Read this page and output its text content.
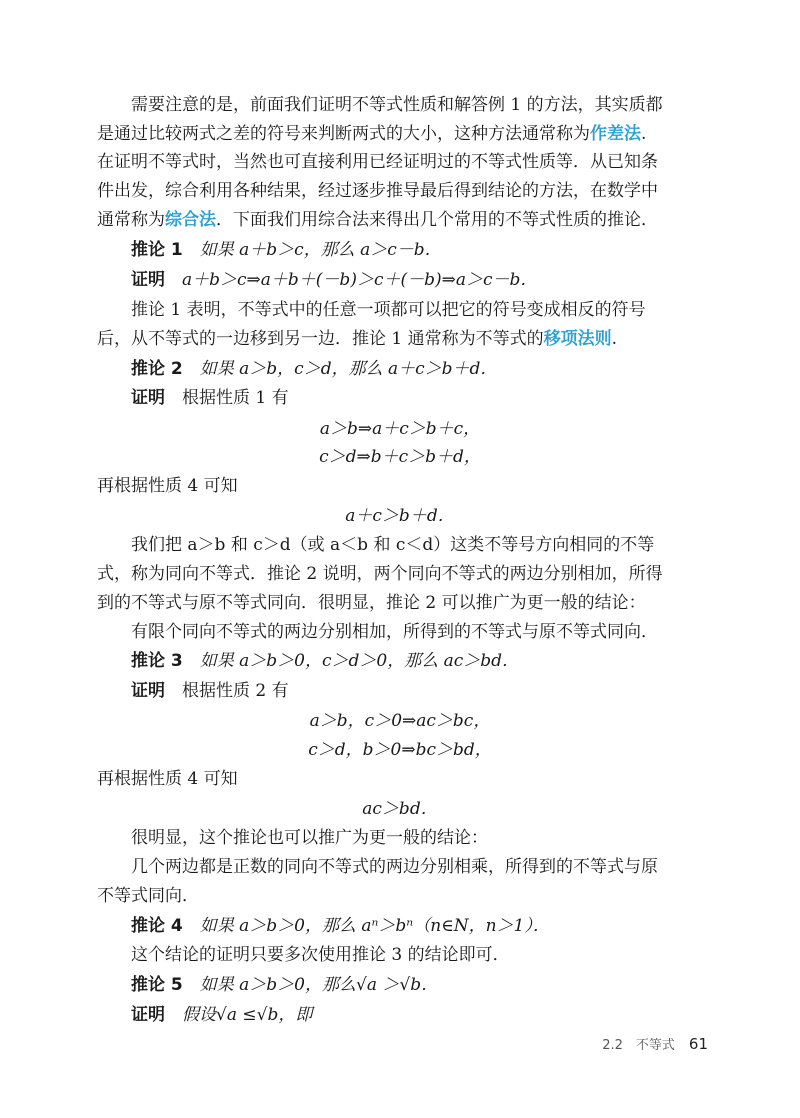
需要注意的是，前面我们证明不等式性质和解答例 1 的方法，其实质都
是通过比较两式之差的符号来判断两式的大小，这种方法通常称为作差法.
在证明不等式时，当然也可直接利用已经证明过的不等式性质等．从已知条
件出发，综合利用各种结果，经过逐步推导最后得到结论的方法，在数学中
通常称为综合法．下面我们用综合法来得出几个常用的不等式性质的推论．
推论 1　 如果 a＋b＞c，那么 a＞c－b．
证明　 a＋b＞c⇒a＋b＋(－b)＞c＋(－b)⇒a＞c－b．
推论 1 表明，不等式中的任意一项都可以把它的符号变成相反的符号
后，从不等式的一边移到另一边．推论 1 通常称为不等式的移项法则.
推论 2　 如果 a＞b，c＞d，那么 a＋c＞b＋d．
证明　 根据性质 1 有
a＞b⇒a＋c＞b＋c，
c＞d⇒b＋c＞b＋d，
再根据性质 4 可知
a＋c＞b＋d．
我们把 a＞b 和 c＞d（或 a＜b 和 c＜d）这类不等号方向相同的不等
式，称为同向不等式．推论 2 说明，两个同向不等式的两边分别相加，所得
到的不等式与原不等式同向．很明显，推论 2 可以推广为更一般的结论：
有限个同向不等式的两边分别相加，所得到的不等式与原不等式同向．
推论 3　 如果 a＞b＞0，c＞d＞0，那么 ac＞bd．
证明　 根据性质 2 有
a＞b，c＞0⇒ac＞bc，
c＞d，b＞0⇒bc＞bd，
再根据性质 4 可知
ac＞bd．
很明显，这个推论也可以推广为更一般的结论：
几个两边都是正数的同向不等式的两边分别相乘，所得到的不等式与原
不等式同向．
推论 4　 如果 a＞b＞0，那么 aⁿ＞bⁿ（n∈N，n＞1）．
这个结论的证明只要多次使用推论 3 的结论即可．
推论 5　 如果 a＞b＞0，那么√a ＞√b．
证明　 假设√a ≤√b，即
2.2　不等式 61
